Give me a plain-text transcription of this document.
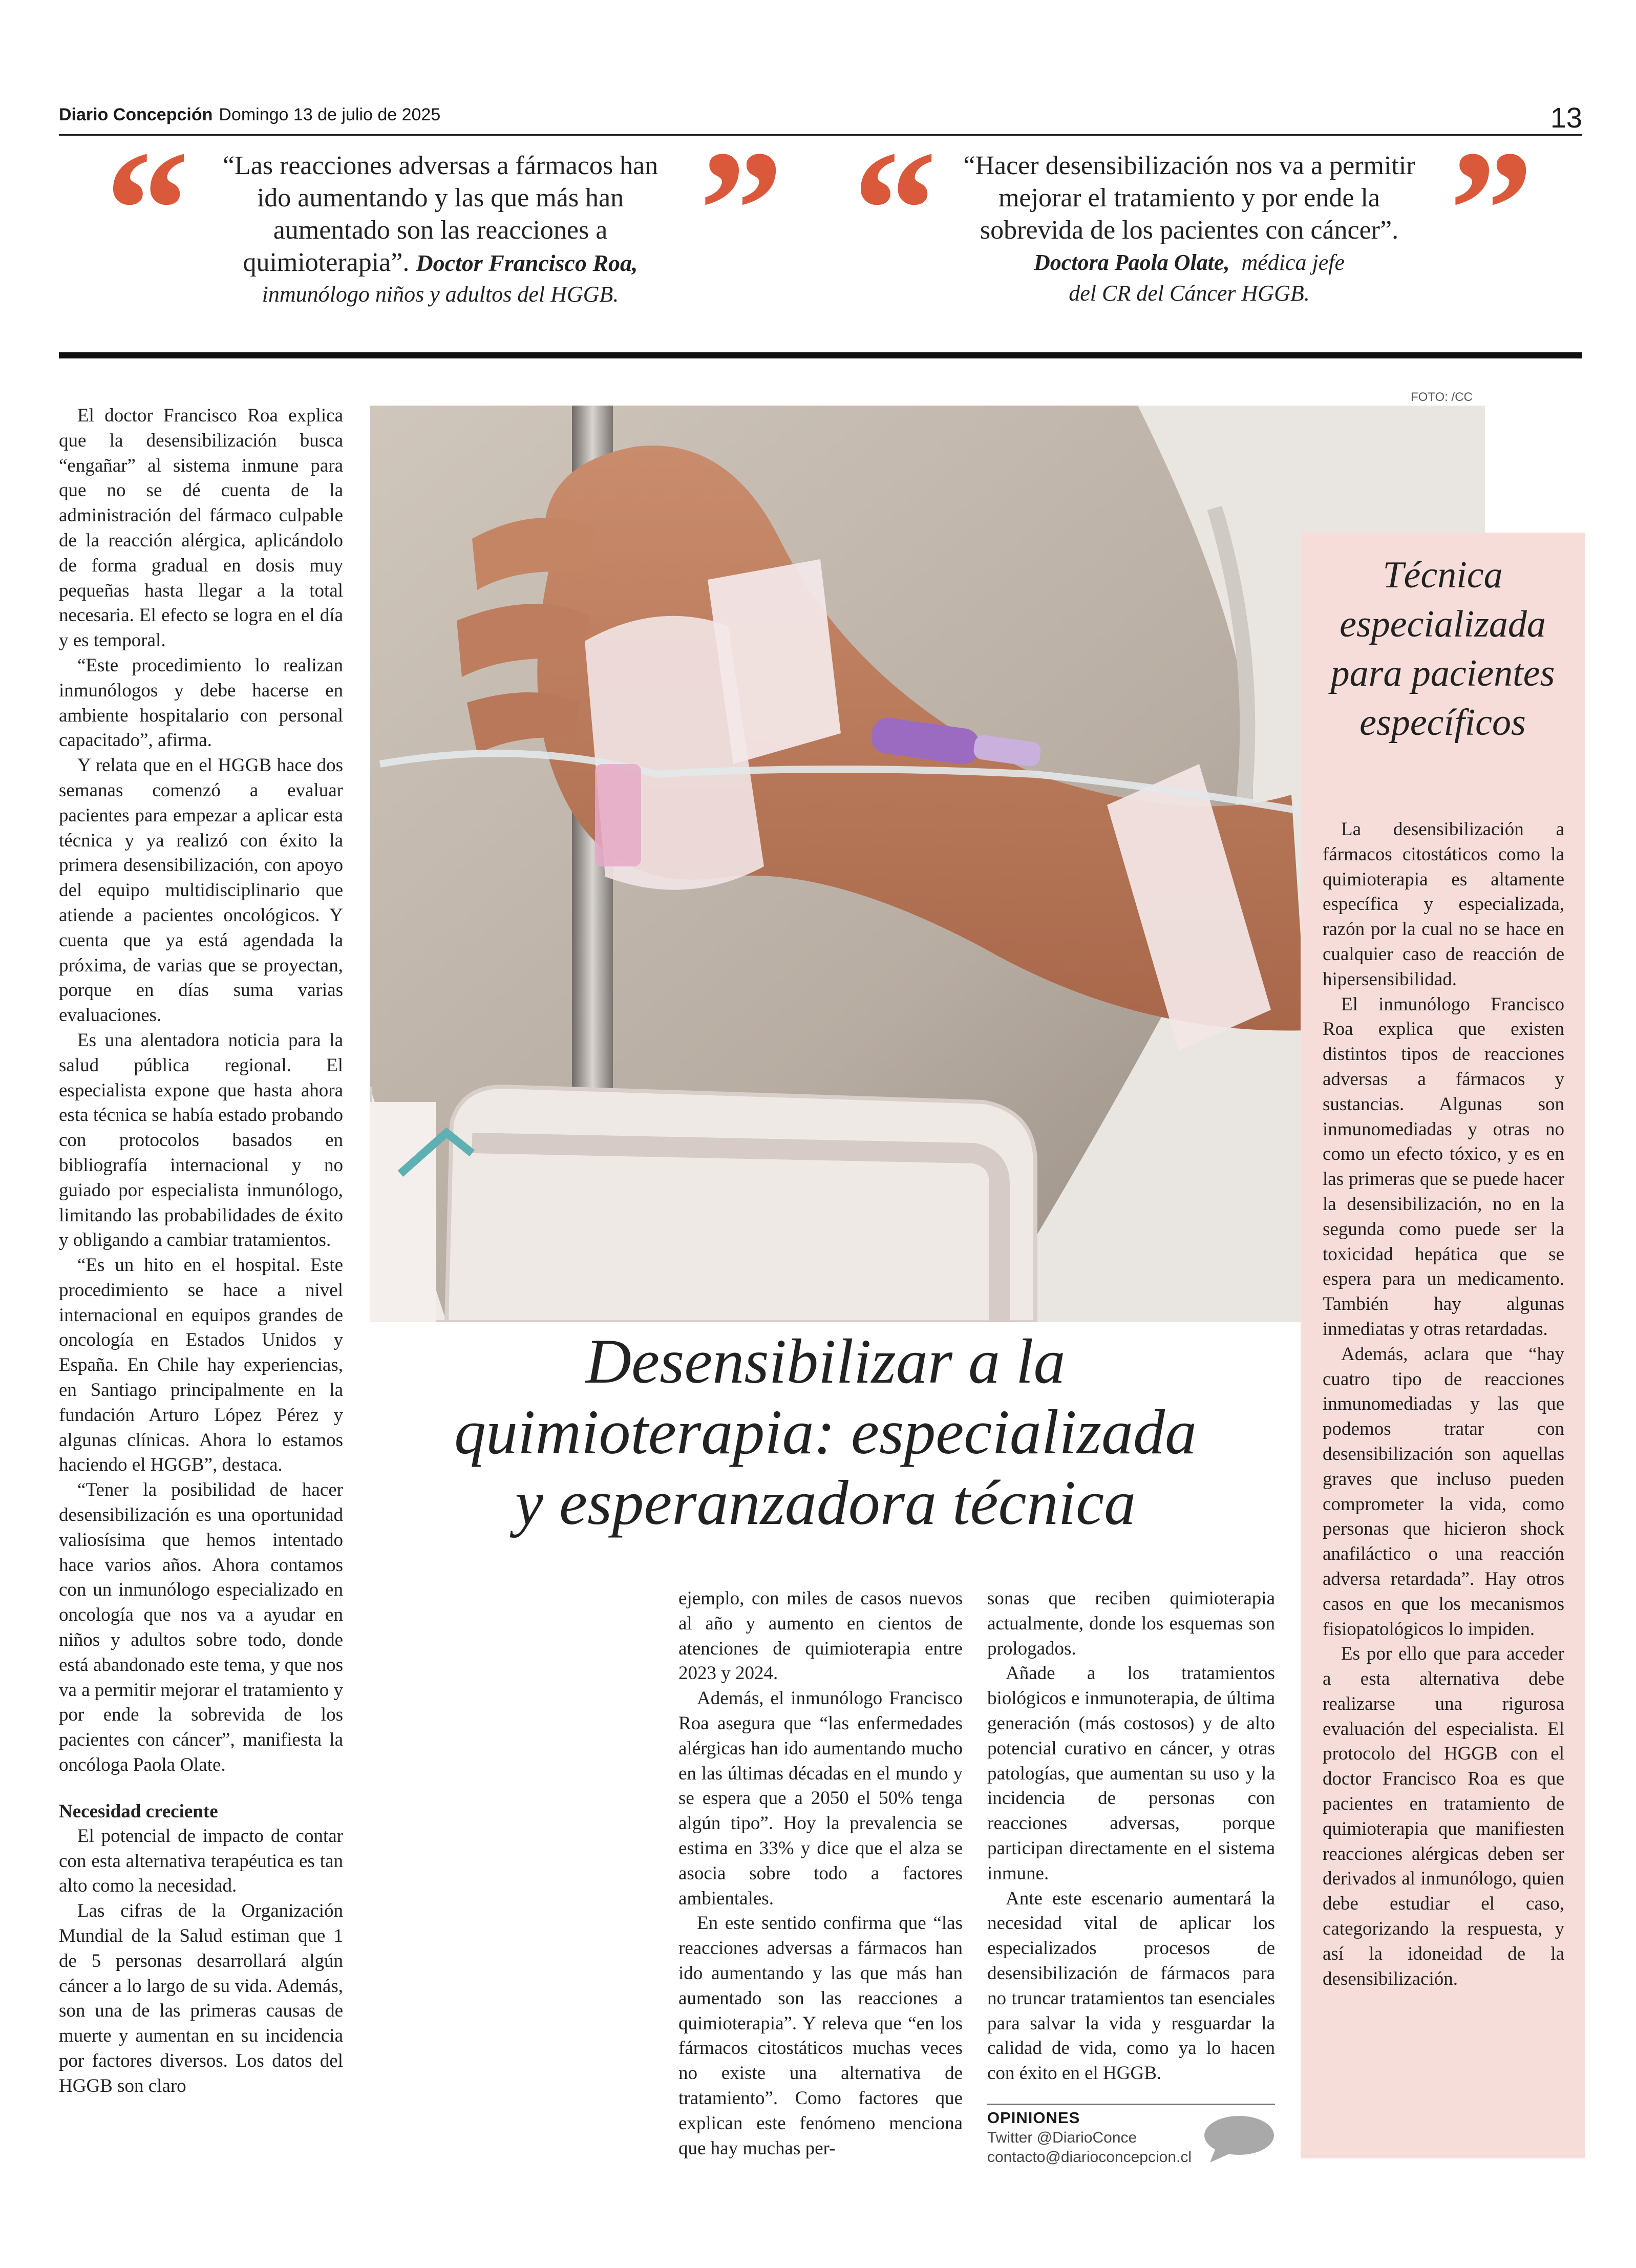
Diario Concepción Domingo 13 de julio de 2025	13
“	“Las reacciones adversas a fármacos han ido aumentando y las que más han aumentado son las reacciones a quimioterapia”. Doctor Francisco Roa,
inmunólogo niños y adultos del HGGB. ” “ “Hacer desensibilización nos va a permitir mejorar el tratamiento y por ende la sobrevida de los pacientes con cáncer”.
Doctora Paola Olate, médica jefe
del CR del Cáncer HGGB. ”
FOTO: /CC
Desensibilizar a la
quimioterapia: especializada
y esperanzadora técnica

El doctor Francisco Roa explica que la desensibilización busca “engañar” al sistema inmune para que no se dé cuenta de la administración del fármaco culpable de la reacción alérgica, aplicándolo de forma gradual en dosis muy pequeñas hasta llegar a la total necesaria. El efecto se logra en el día y es temporal.

“Este procedimiento lo realizan inmunólogos y debe hacerse en ambiente hospitalario con personal capacitado”, afirma.

Y relata que en el HGGB hace dos semanas comenzó a evaluar pacientes para empezar a aplicar esta técnica y ya realizó con éxito la primera desensibilización, con apoyo del equipo multidisciplinario que atiende a pacientes oncológicos. Y cuenta que ya está agendada la próxima, de varias que se proyectan, porque en días suma varias evaluaciones.

Es una alentadora noticia para la salud pública regional. El especialista expone que hasta ahora esta técnica se había estado probando con protocolos basados en bibliografía internacional y no guiado por especialista inmunólogo, limitando las probabilidades de éxito y obligando a cambiar tratamientos.

“Es un hito en el hospital. Este procedimiento se hace a nivel internacional en equipos grandes de oncología en Estados Unidos y España. En Chile hay experiencias, en Santiago principalmente en la fundación Arturo López Pérez y algunas clínicas. Ahora lo estamos haciendo el HGGB”, destaca.

“Tener la posibilidad de hacer desensibilización es una oportunidad valiosísima que hemos intentado hace varios años. Ahora contamos con un inmunólogo especializado en oncología que nos va a ayudar en niños y adultos sobre todo, donde está abandonado este tema, y que nos va a permitir mejorar el tratamiento y por ende la sobrevida de los pacientes con cáncer”, manifiesta la oncóloga Paola Olate.

Necesidad creciente

El potencial de impacto de contar con esta alternativa terapéutica es tan alto como la necesidad.

Las cifras de la Organización Mundial de la Salud estiman que 1 de 5 personas desarrollará algún cáncer a lo largo de su vida. Además, son una de las primeras causas de muerte y aumentan en su incidencia por factores diversos. Los datos del HGGB son claro

ejemplo, con miles de casos nuevos al año y aumento en cientos de atenciones de quimioterapia entre 2023 y 2024.

Además, el inmunólogo Francisco Roa asegura que “las enfermedades alérgicas han ido aumentando mucho en las últimas décadas en el mundo y se espera que a 2050 el 50% tenga algún tipo”. Hoy la prevalencia se estima en 33% y dice que el alza se asocia sobre todo a factores ambientales.

En este sentido confirma que “las reacciones adversas a fármacos han ido aumentando y las que más han aumentado son las reacciones a quimioterapia”. Y releva que “en los fármacos citostáticos muchas veces no existe una alternativa de tratamiento”. Como factores que explican este fenómeno menciona que hay muchas per-

sonas que reciben quimioterapia actualmente, donde los esquemas son prologados.

Añade a los tratamientos biológicos e inmunoterapia, de última generación (más costosos) y de alto potencial curativo en cáncer, y otras patologías, que aumentan su uso y la incidencia de personas con reacciones adversas, porque participan directamente en el sistema inmune.

Ante este escenario aumentará la necesidad vital de aplicar los especializados procesos de desensibilización de fármacos para no truncar tratamientos tan esenciales para salvar la vida y resguardar la calidad de vida, como ya lo hacen con éxito en el HGGB.

OPINIONES
Twitter @DiarioConce
contacto@diarioconcepcion.cl
Técnica especializada para pacientes específicos

La desensibilización a fármacos citostáticos como la quimioterapia es altamente específica y especializada, razón por la cual no se hace en cualquier caso de reacción de hipersensibilidad.

El inmunólogo Francisco Roa explica que existen distintos tipos de reacciones adversas a fármacos y sustancias. Algunas son inmunomediadas y otras no como un efecto tóxico, y es en las primeras que se puede hacer la desensibilización, no en la segunda como puede ser la toxicidad hepática que se espera para un medicamento. También hay algunas inmediatas y otras retardadas.

Además, aclara que “hay cuatro tipo de reacciones inmunomediadas y las que podemos tratar con desensibilización son aquellas graves que incluso pueden comprometer la vida, como personas que hicieron shock anafiláctico o una reacción adversa retardada”. Hay otros casos en que los mecanismos fisiopatológicos lo impiden.

Es por ello que para acceder a esta alternativa debe realizarse una rigurosa evaluación del especialista. El protocolo del HGGB con el doctor Francisco Roa es que pacientes en tratamiento de quimioterapia que manifiesten reacciones alérgicas deben ser derivados al inmunólogo, quien debe estudiar el caso, categorizando la respuesta, y así la idoneidad de la desensibilización.
